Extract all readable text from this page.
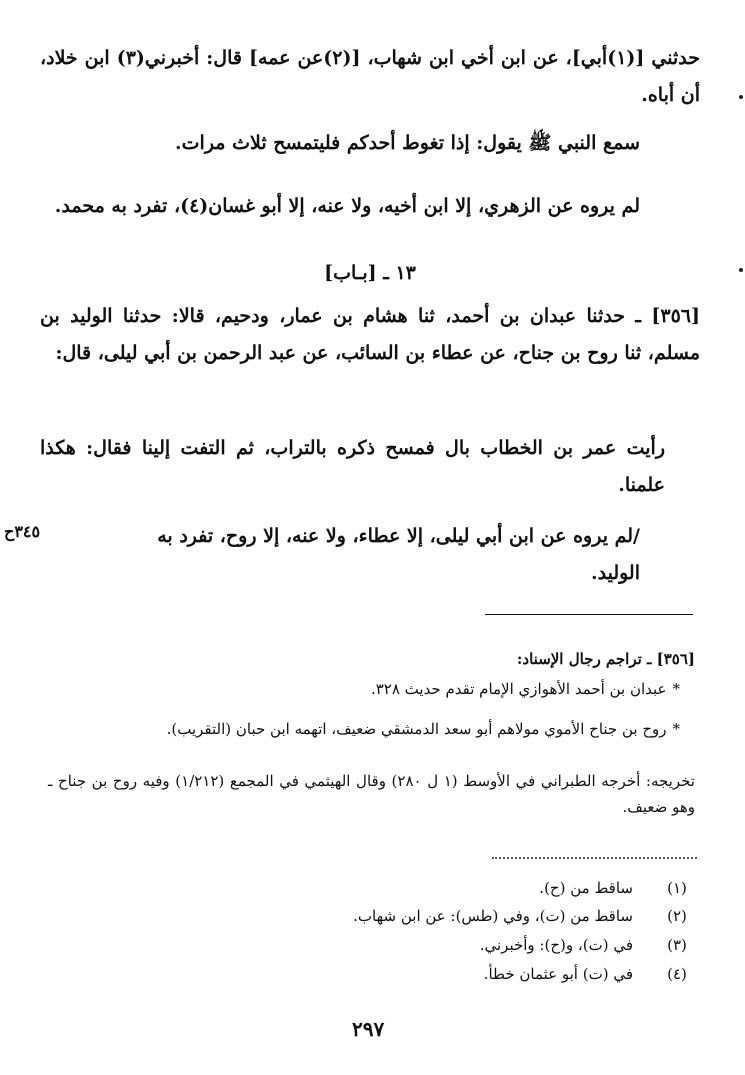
حدثني [(١)أبي]، عن ابن أخي ابن شهاب، [(٢)عن عمه] قال: أخبرني(٣) ابن خلاد، أن أباه.
سمع النبي ﷺ يقول: إذا تغوط أحدكم فليتمسح ثلاث مرات.
لم يروه عن الزهري، إلا ابن أخيه، ولا عنه، إلا أبو غسان(٤)، تفرد به محمد.
١٣ ـ [بـاب]
[٣٥٦] ـ حدثنا عبدان بن أحمد، ثنا هشام بن عمار، ودحيم، قالا: حدثنا الوليد بن مسلم، ثنا روح بن جناح، عن عطاء بن السائب، عن عبد الرحمن بن أبي ليلى، قال:
رأيت عمر بن الخطاب بال فمسح ذكره بالتراب، ثم التفت إلينا فقال: هكذا علمنا.
/لم يروه عن ابن أبي ليلى، إلا عطاء، ولا عنه، إلا روح، تفرد به الوليد.
٣٤٥ح
[٣٥٦] ـ تراجم رجال الإسناد:
*عبدان بن أحمد الأهوازي الإمام تقدم حديث ٣٢٨.
*روح بن جناح الأموي مولاهم أبو سعد الدمشقي ضعيف، اتهمه ابن حبان (التقريب).
تخريجه: أخرجه الطبراني في الأوسط (١ ل ٢٨٠) وقال الهيثمي في المجمع (١/٢١٢) وفيه روح بن جناح ـ وهو ضعيف.
(١)
ساقط من (ح).
(٢)
ساقط من (ت)، وفي (طس): عن ابن شهاب.
(٣)
في (ت)، و(ح): وأخبرني.
(٤)
في (ت) أبو عثمان خطأ.
٢٩٧
